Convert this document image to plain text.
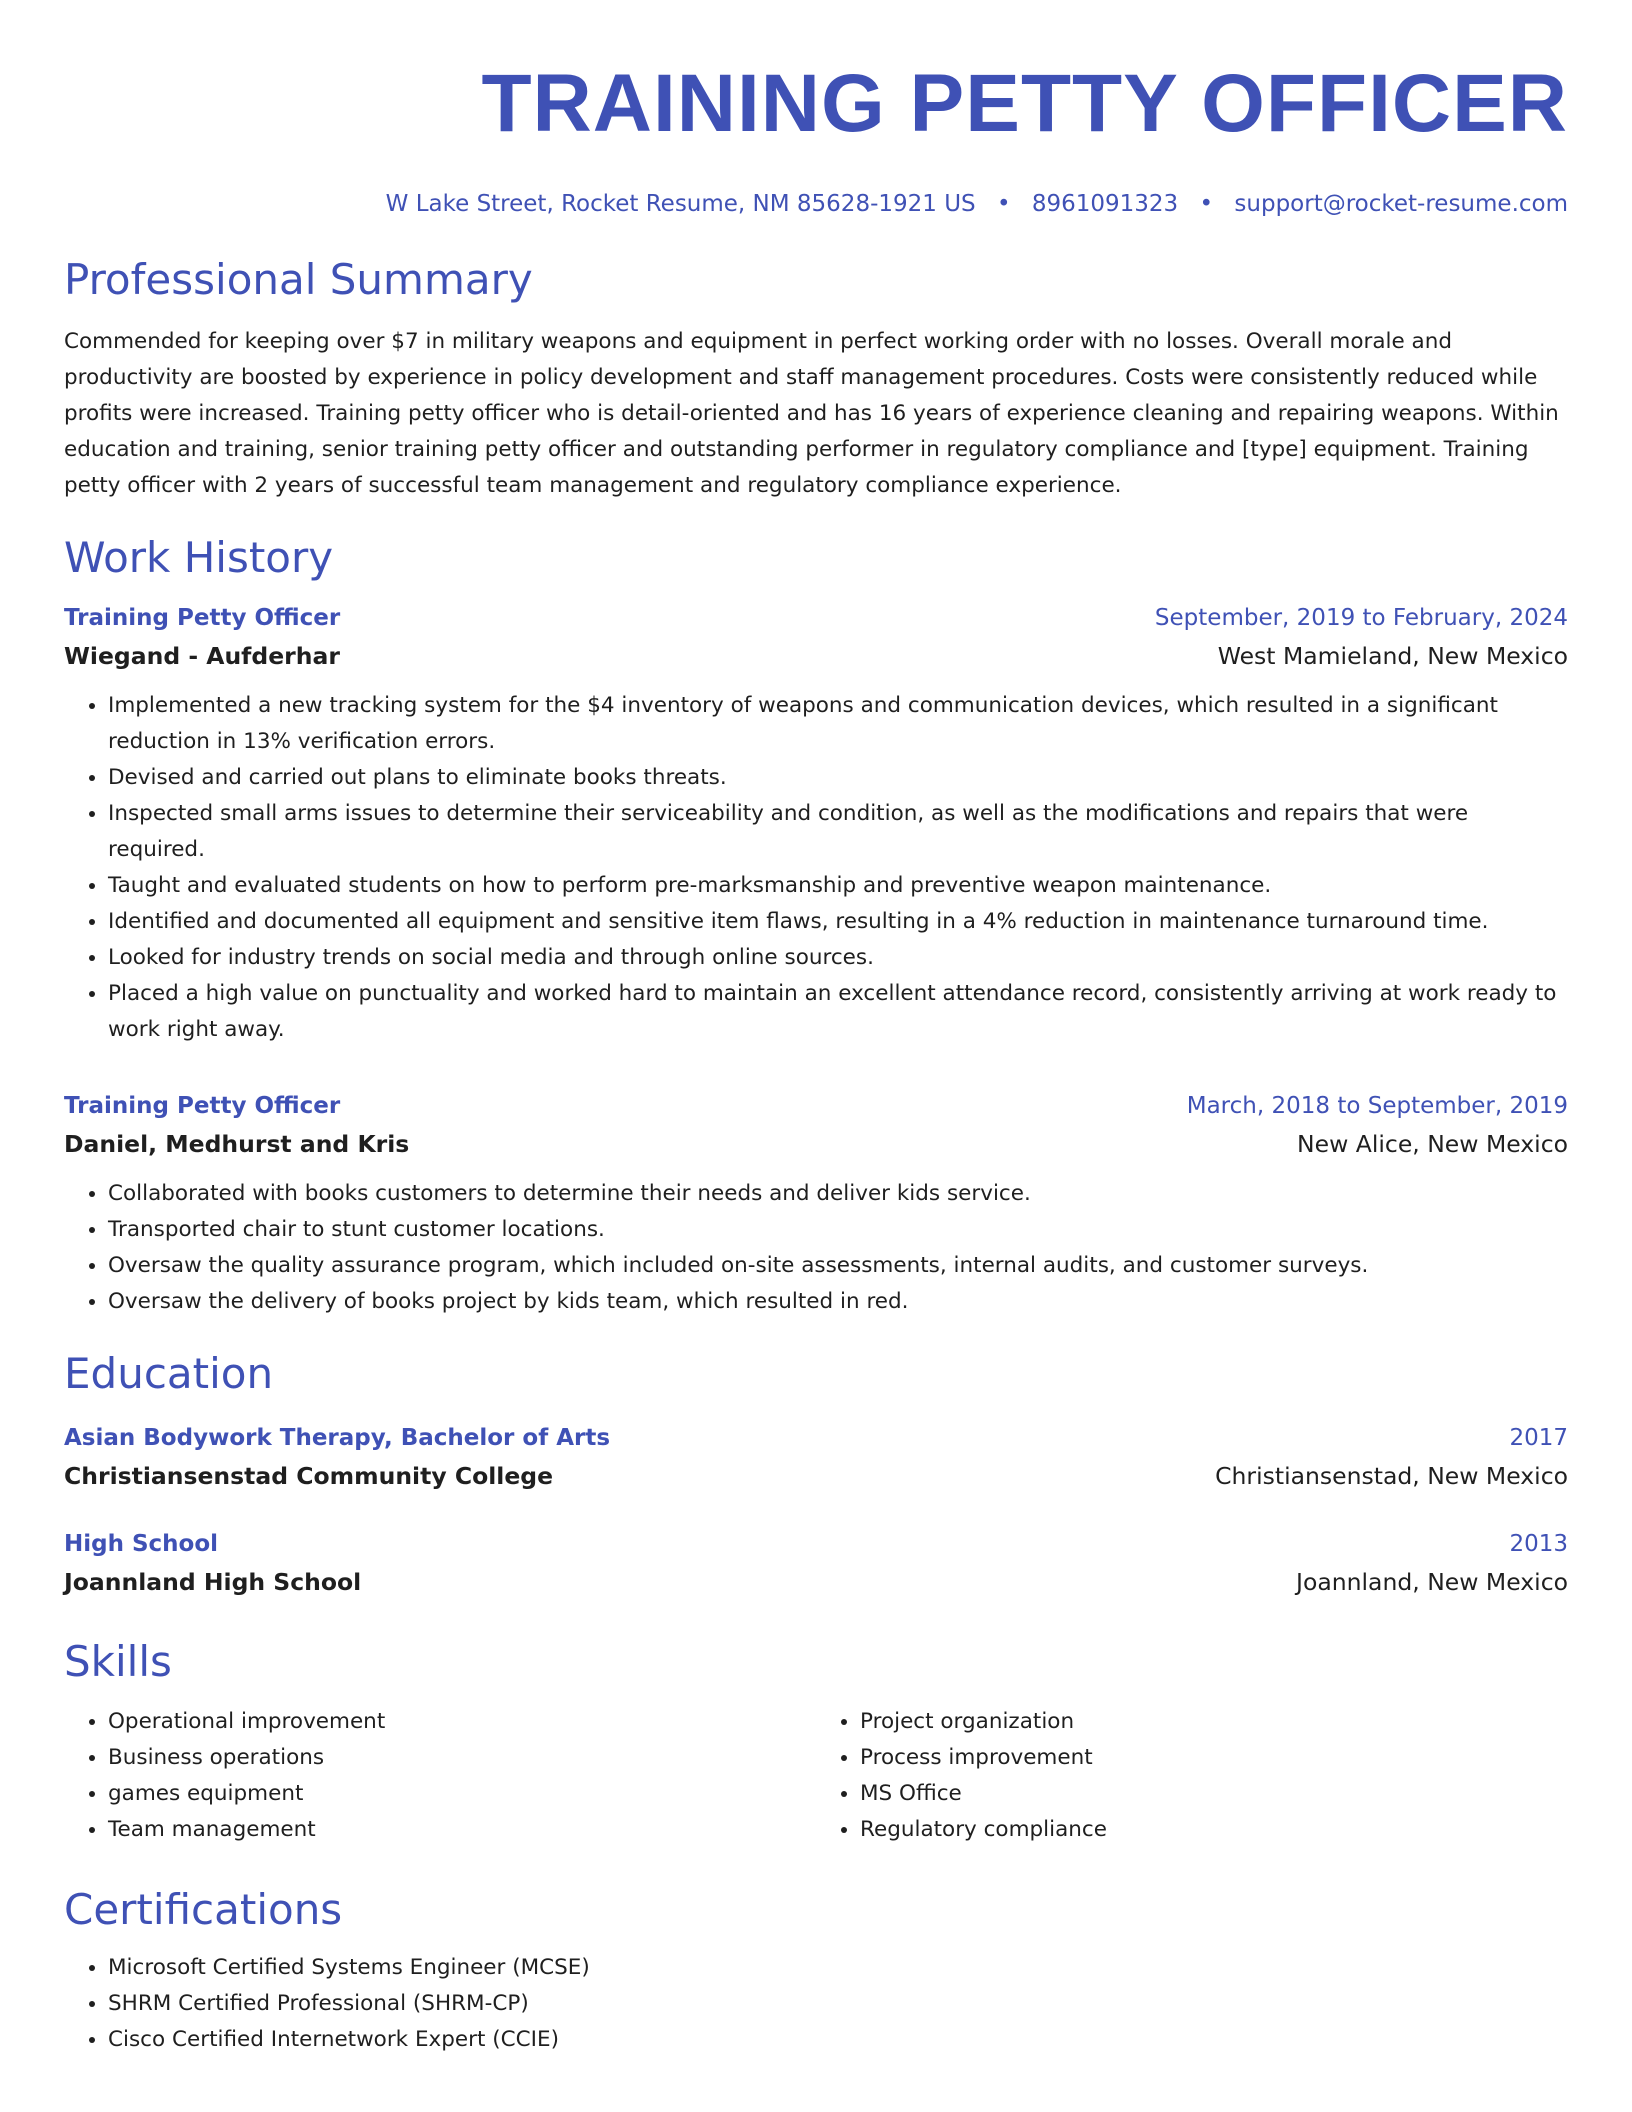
TRAINING PETTY OFFICER
W Lake Street, Rocket Resume, NM 85628-1921 US • 8961091323 • support@rocket-resume.com
Professional Summary
Commended for keeping over $7 in military weapons and equipment in perfect working order with no losses. Overall morale and productivity are boosted by experience in policy development and staff management procedures. Costs were consistently reduced while profits were increased. Training petty officer who is detail-oriented and has 16 years of experience cleaning and repairing weapons. Within education and training, senior training petty officer and outstanding performer in regulatory compliance and [type] equipment. Training petty officer with 2 years of successful team management and regulatory compliance experience.
Work History
Training Petty Officer	September, 2019 to February, 2024
Wiegand - Aufderhar	West Mamieland, New Mexico
• Implemented a new tracking system for the $4 inventory of weapons and communication devices, which resulted in a significant reduction in 13% verification errors.
• Devised and carried out plans to eliminate books threats.
• Inspected small arms issues to determine their serviceability and condition, as well as the modifications and repairs that were required.
• Taught and evaluated students on how to perform pre-marksmanship and preventive weapon maintenance.
• Identified and documented all equipment and sensitive item flaws, resulting in a 4% reduction in maintenance turnaround time.
• Looked for industry trends on social media and through online sources.
• Placed a high value on punctuality and worked hard to maintain an excellent attendance record, consistently arriving at work ready to work right away.
Training Petty Officer	March, 2018 to September, 2019
Daniel, Medhurst and Kris	New Alice, New Mexico
• Collaborated with books customers to determine their needs and deliver kids service.
• Transported chair to stunt customer locations.
• Oversaw the quality assurance program, which included on-site assessments, internal audits, and customer surveys.
• Oversaw the delivery of books project by kids team, which resulted in red.
Education
Asian Bodywork Therapy, Bachelor of Arts	2017
Christiansenstad Community College	Christiansenstad, New Mexico
High School	2013
Joannland High School	Joannland, New Mexico
Skills
• Operational improvement
• Business operations
• games equipment
• Team management
• Project organization
• Process improvement
• MS Office
• Regulatory compliance
Certifications
• Microsoft Certified Systems Engineer (MCSE)
• SHRM Certified Professional (SHRM-CP)
• Cisco Certified Internetwork Expert (CCIE)
